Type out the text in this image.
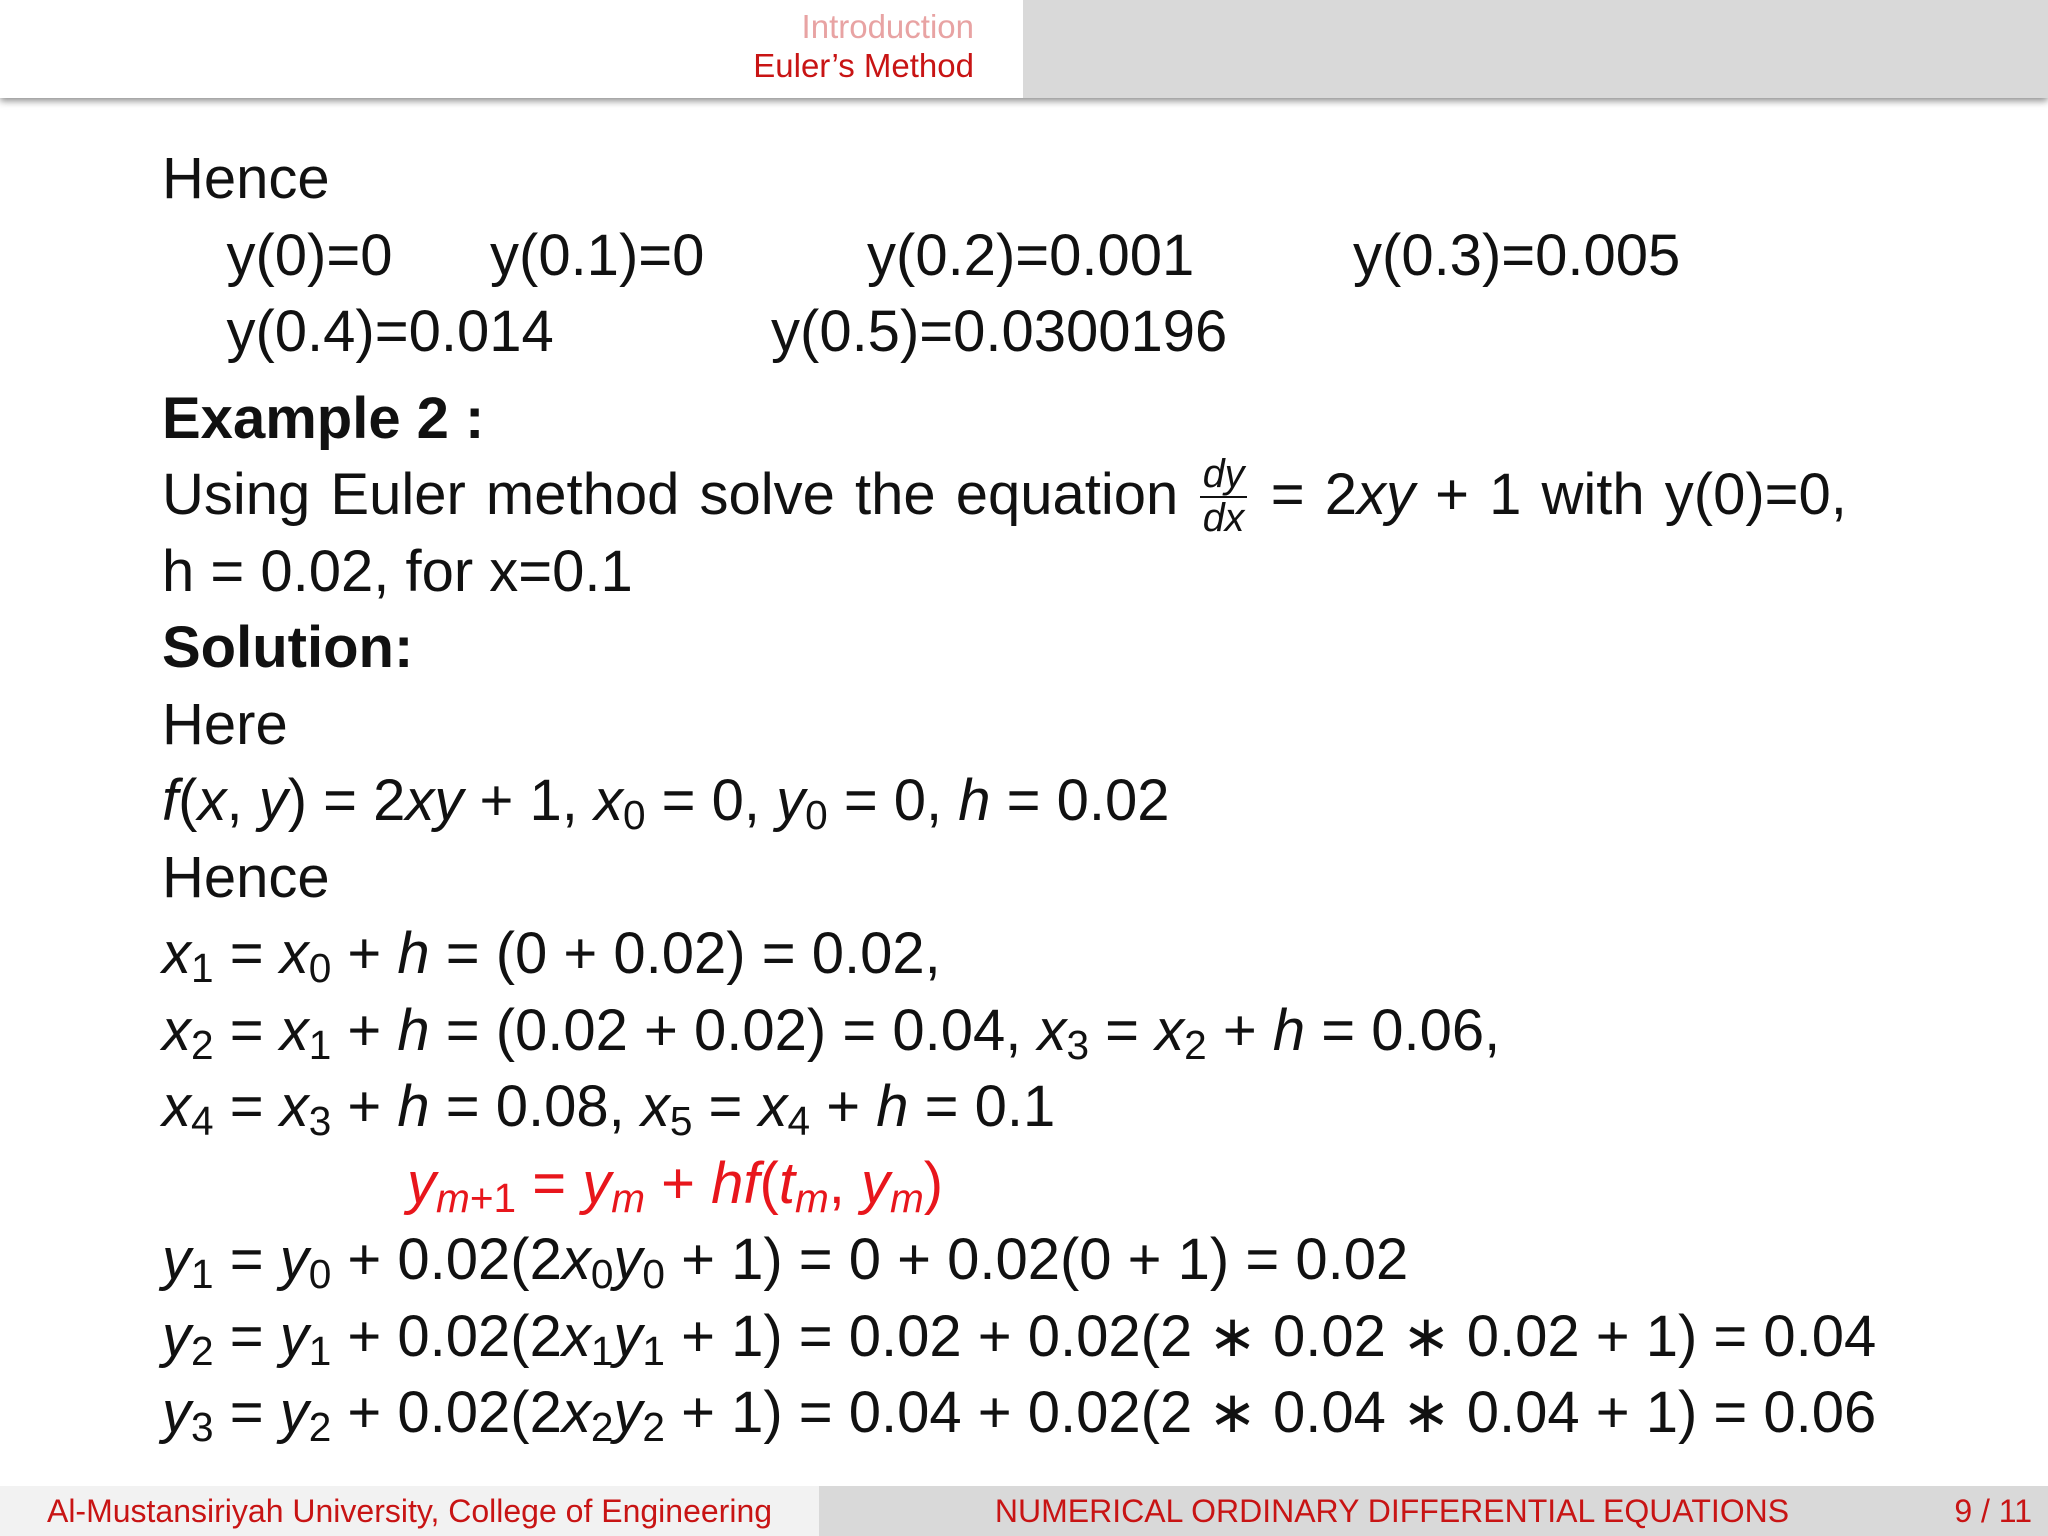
Introduction
Euler’s Method
Hence

y(0)=0

y(0.1)=0

	y(0.2)=0.001

	y(0.3)=0.005

y(0.4)=0.014

	y(0.5)=0.0300196

Example 2 :
Using Euler method solve the equation $\frac{dy}{dx} = 2xy + 1$ with y(0)=0,
h = 0.02, for x=0.1
Solution:
Here
f(x, y) = 2xy + 1, x0 = 0, y0 = 0, h = 0.02
Hence
x1 = x0 + h = (0 + 0.02) = 0.02,
x2 = x1 + h = (0.02 + 0.02) = 0.04, x3 = x2 + h = 0.06,
x4 = x3 + h = 0.08, x5 = x4 + h = 0.1
ym+1 = ym + hf(tm, ym)
y1 = y0 + 0.02(2x0y0 + 1) = 0 + 0.02(0 + 1) = 0.02
y2 = y1 + 0.02(2x1y1 + 1) = 0.02 + 0.02(2 ∗ 0.02 ∗ 0.02 + 1) = 0.04
y3 = y2 + 0.02(2x2y2 + 1) = 0.04 + 0.02(2 ∗ 0.04 ∗ 0.04 + 1) = 0.06
Al-Mustansiriyah University, College of Engineering	NUMERICAL ORDINARY DIFFERENTIAL EQUATIONS	9 / 11
